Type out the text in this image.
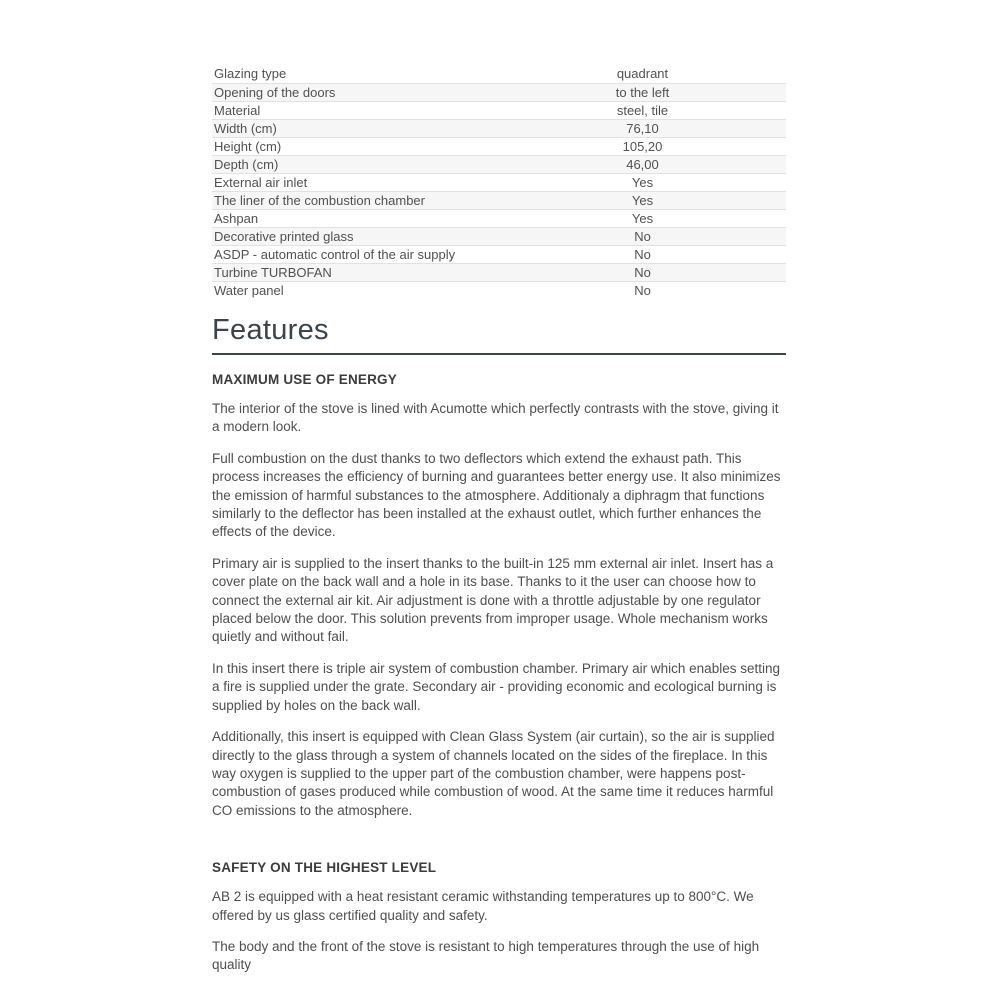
Glazing type	quadrant
Opening of the doors	to the left
Material	steel, tile
Width (cm)	76,10
Height (cm)	105,20
Depth (cm)	46,00
External air inlet	Yes
The liner of the combustion chamber	Yes
Ashpan	Yes
Decorative printed glass	No
ASDP - automatic control of the air supply	No
Turbine TURBOFAN	No
Water panel	No
Features
MAXIMUM USE OF ENERGY

The interior of the stove is lined with Acumotte which perfectly contrasts with the stove, giving it a modern look.

Full combustion on the dust thanks to two deflectors which extend the exhaust path. This process increases the efficiency of burning and guarantees better energy use. It also minimizes the emission of harmful substances to the atmosphere. Additionaly a diphragm that functions similarly to the deflector has been installed at the exhaust outlet, which further enhances the effects of the device.

Primary air is supplied to the insert thanks to the built-in 125 mm external air inlet. Insert has a cover plate on the back wall and a hole in its base. Thanks to it the user can choose how to connect the external air kit. Air adjustment is done with a throttle adjustable by one regulator placed below the door. This solution prevents from improper usage. Whole mechanism works quietly and without fail.

In this insert there is triple air system of combustion chamber. Primary air which enables setting a fire is supplied under the grate. Secondary air - providing economic and ecological burning is supplied by holes on the back wall.

Additionally, this insert is equipped with Clean Glass System (air curtain), so the air is supplied directly to the glass through a system of channels located on the sides of the fireplace. In this way oxygen is supplied to the upper part of the combustion chamber, were happens post-combustion of gases produced while combustion of wood. At the same time it reduces harmful CO emissions to the atmosphere.

SAFETY ON THE HIGHEST LEVEL

AB 2 is equipped with a heat resistant ceramic withstanding temperatures up to 800°C. We offered by us glass certified quality and safety.

The body and the front of the stove is resistant to high temperatures through the use of high quality
